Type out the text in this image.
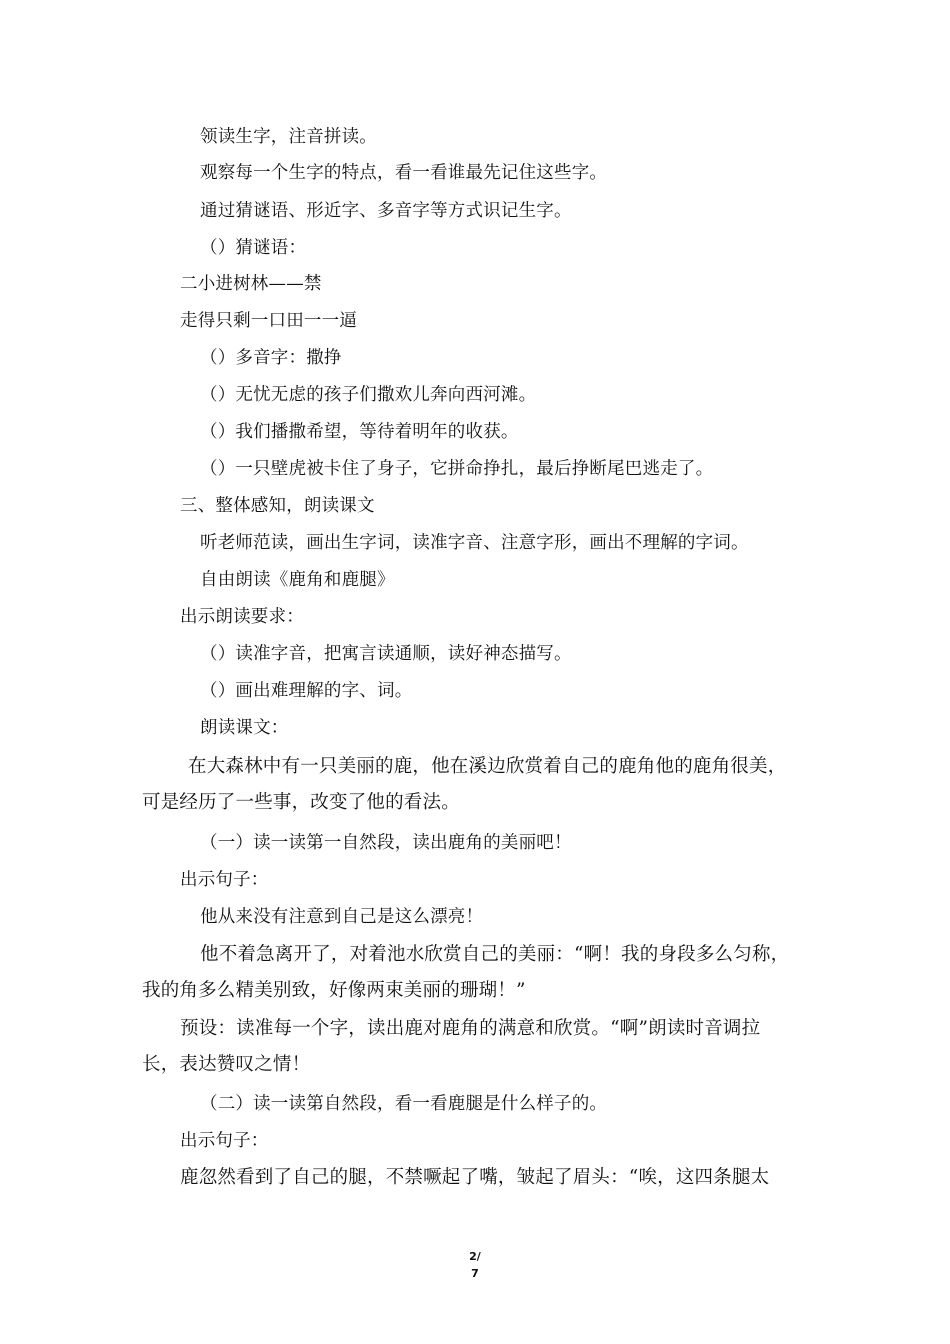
领读生字，注音拼读。
观察每一个生字的特点，看一看谁最先记住这些字。
通过猜谜语、形近字、多音字等方式识记生字。
（）猜谜语：
二小进树林——禁
走得只剩一口田一一逼
（）多音字：撒挣
（）无忧无虑的孩子们撒欢儿奔向西河滩。
（）我们播撒希望，等待着明年的收获。
（）一只壁虎被卡住了身子，它拼命挣扎，最后挣断尾巴逃走了。
三、整体感知，朗读课文
听老师范读，画出生字词，读准字音、注意字形，画出不理解的字词。
自由朗读《鹿角和鹿腿》
出示朗读要求：
（）读准字音，把寓言读通顺，读好神态描写。
（）画出难理解的字、词。
朗读课文：
在大森林中有一只美丽的鹿，他在溪边欣赏着自己的鹿角他的鹿角很美，
可是经历了一些事，改变了他的看法。
（一）读一读第一自然段，读出鹿角的美丽吧！
出示句子：
他从来没有注意到自己是这么漂亮！
他不着急离开了，对着池水欣赏自己的美丽：“啊！我的身段多么匀称，
我的角多么精美别致，好像两束美丽的珊瑚！”
预设：读准每一个字，读出鹿对鹿角的满意和欣赏。“啊”朗读时音调拉
长，表达赞叹之情！
（二）读一读第自然段，看一看鹿腿是什么样子的。
出示句子：
鹿忽然看到了自己的腿，不禁噘起了嘴，皱起了眉头：“唉，这四条腿太
2/
7
